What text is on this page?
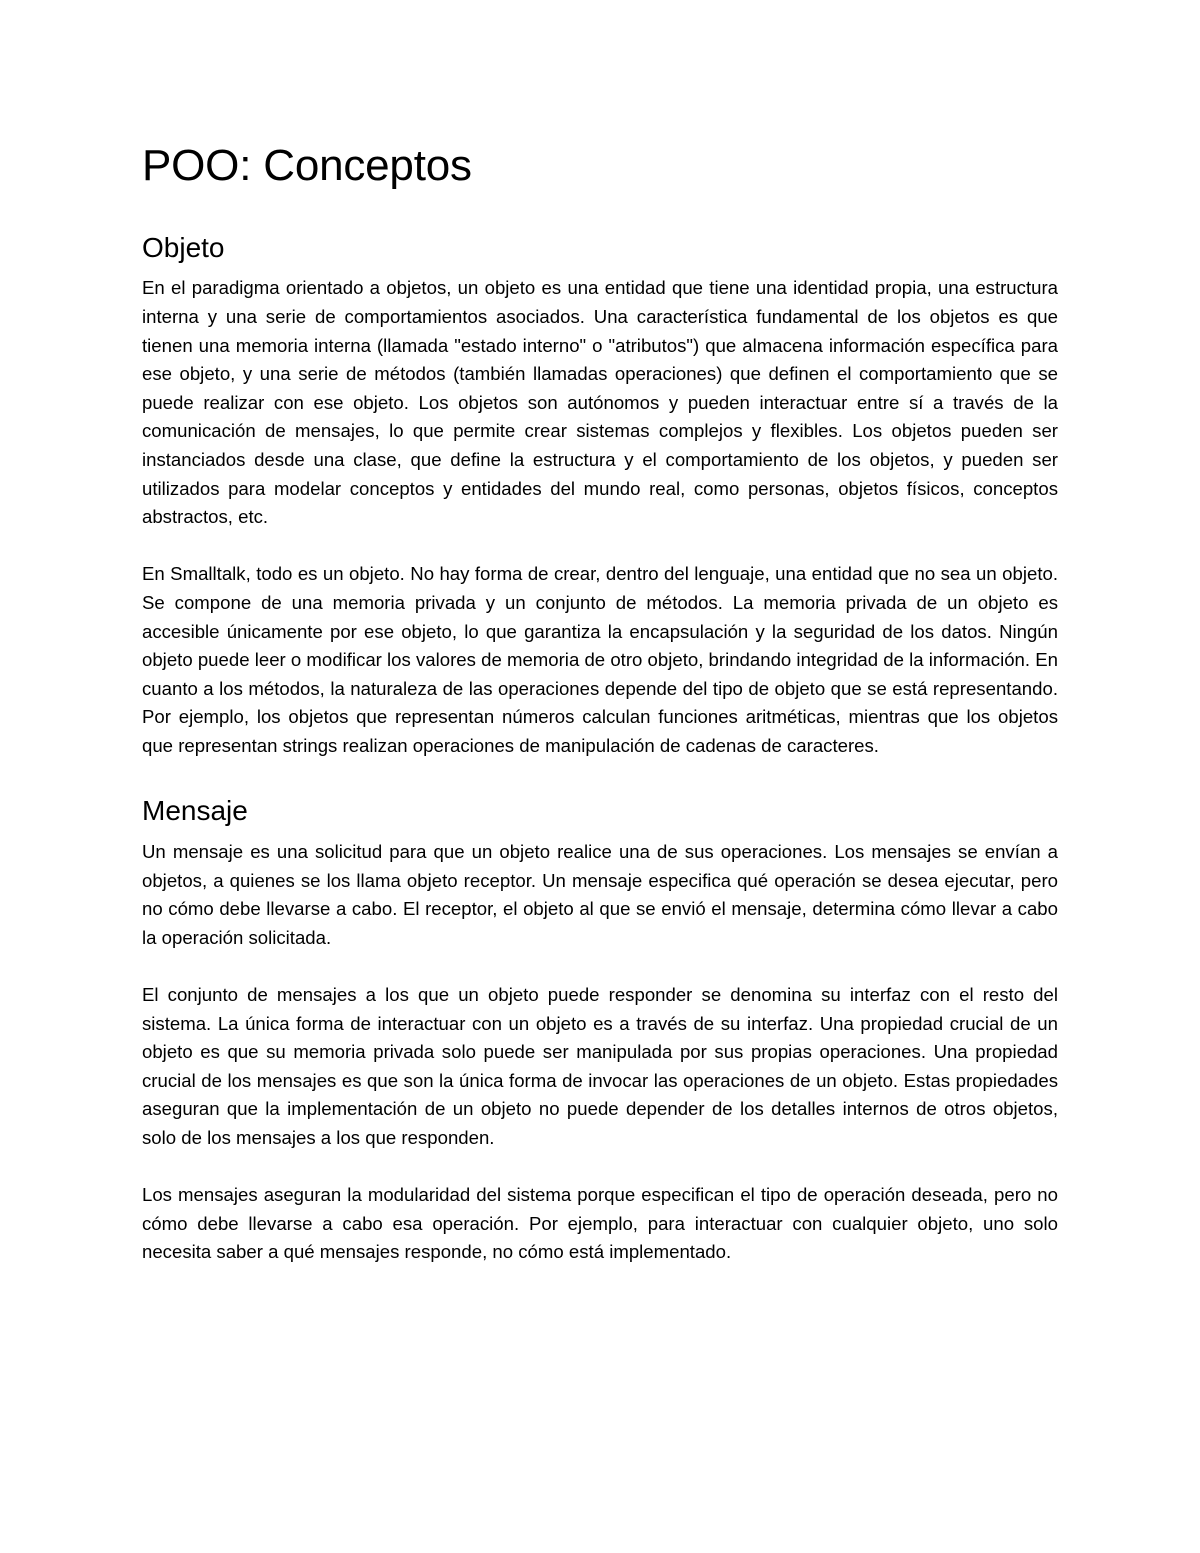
POO: Conceptos
Objeto

En el paradigma orientado a objetos, un objeto es una entidad que tiene una identidad propia, una estructura interna y una serie de comportamientos asociados. Una característica fundamental de los objetos es que tienen una memoria interna (llamada "estado interno" o "atributos") que almacena información específica para ese objeto, y una serie de métodos (también llamadas operaciones) que definen el comportamiento que se puede realizar con ese objeto. Los objetos son autónomos y pueden interactuar entre sí a través de la comunicación de mensajes, lo que permite crear sistemas complejos y flexibles. Los objetos pueden ser instanciados desde una clase, que define la estructura y el comportamiento de los objetos, y pueden ser utilizados para modelar conceptos y entidades del mundo real, como personas, objetos físicos, conceptos abstractos, etc.

En Smalltalk, todo es un objeto. No hay forma de crear, dentro del lenguaje, una entidad que no sea un objeto. Se compone de una memoria privada y un conjunto de métodos. La memoria privada de un objeto es accesible únicamente por ese objeto, lo que garantiza la encapsulación y la seguridad de los datos. Ningún objeto puede leer o modificar los valores de memoria de otro objeto, brindando integridad de la información. En cuanto a los métodos, la naturaleza de las operaciones depende del tipo de objeto que se está representando. Por ejemplo, los objetos que representan números calculan funciones aritméticas, mientras que los objetos que representan strings realizan operaciones de manipulación de cadenas de caracteres.

Mensaje

Un mensaje es una solicitud para que un objeto realice una de sus operaciones. Los mensajes se envían a objetos, a quienes se los llama objeto receptor. Un mensaje especifica qué operación se desea ejecutar, pero no cómo debe llevarse a cabo. El receptor, el objeto al que se envió el mensaje, determina cómo llevar a cabo la operación solicitada.

El conjunto de mensajes a los que un objeto puede responder se denomina su interfaz con el resto del sistema. La única forma de interactuar con un objeto es a través de su interfaz. Una propiedad crucial de un objeto es que su memoria privada solo puede ser manipulada por sus propias operaciones. Una propiedad crucial de los mensajes es que son la única forma de invocar las operaciones de un objeto. Estas propiedades aseguran que la implementación de un objeto no puede depender de los detalles internos de otros objetos, solo de los mensajes a los que responden.

Los mensajes aseguran la modularidad del sistema porque especifican el tipo de operación deseada, pero no cómo debe llevarse a cabo esa operación. Por ejemplo, para interactuar con cualquier objeto, uno solo necesita saber a qué mensajes responde, no cómo está implementado.
